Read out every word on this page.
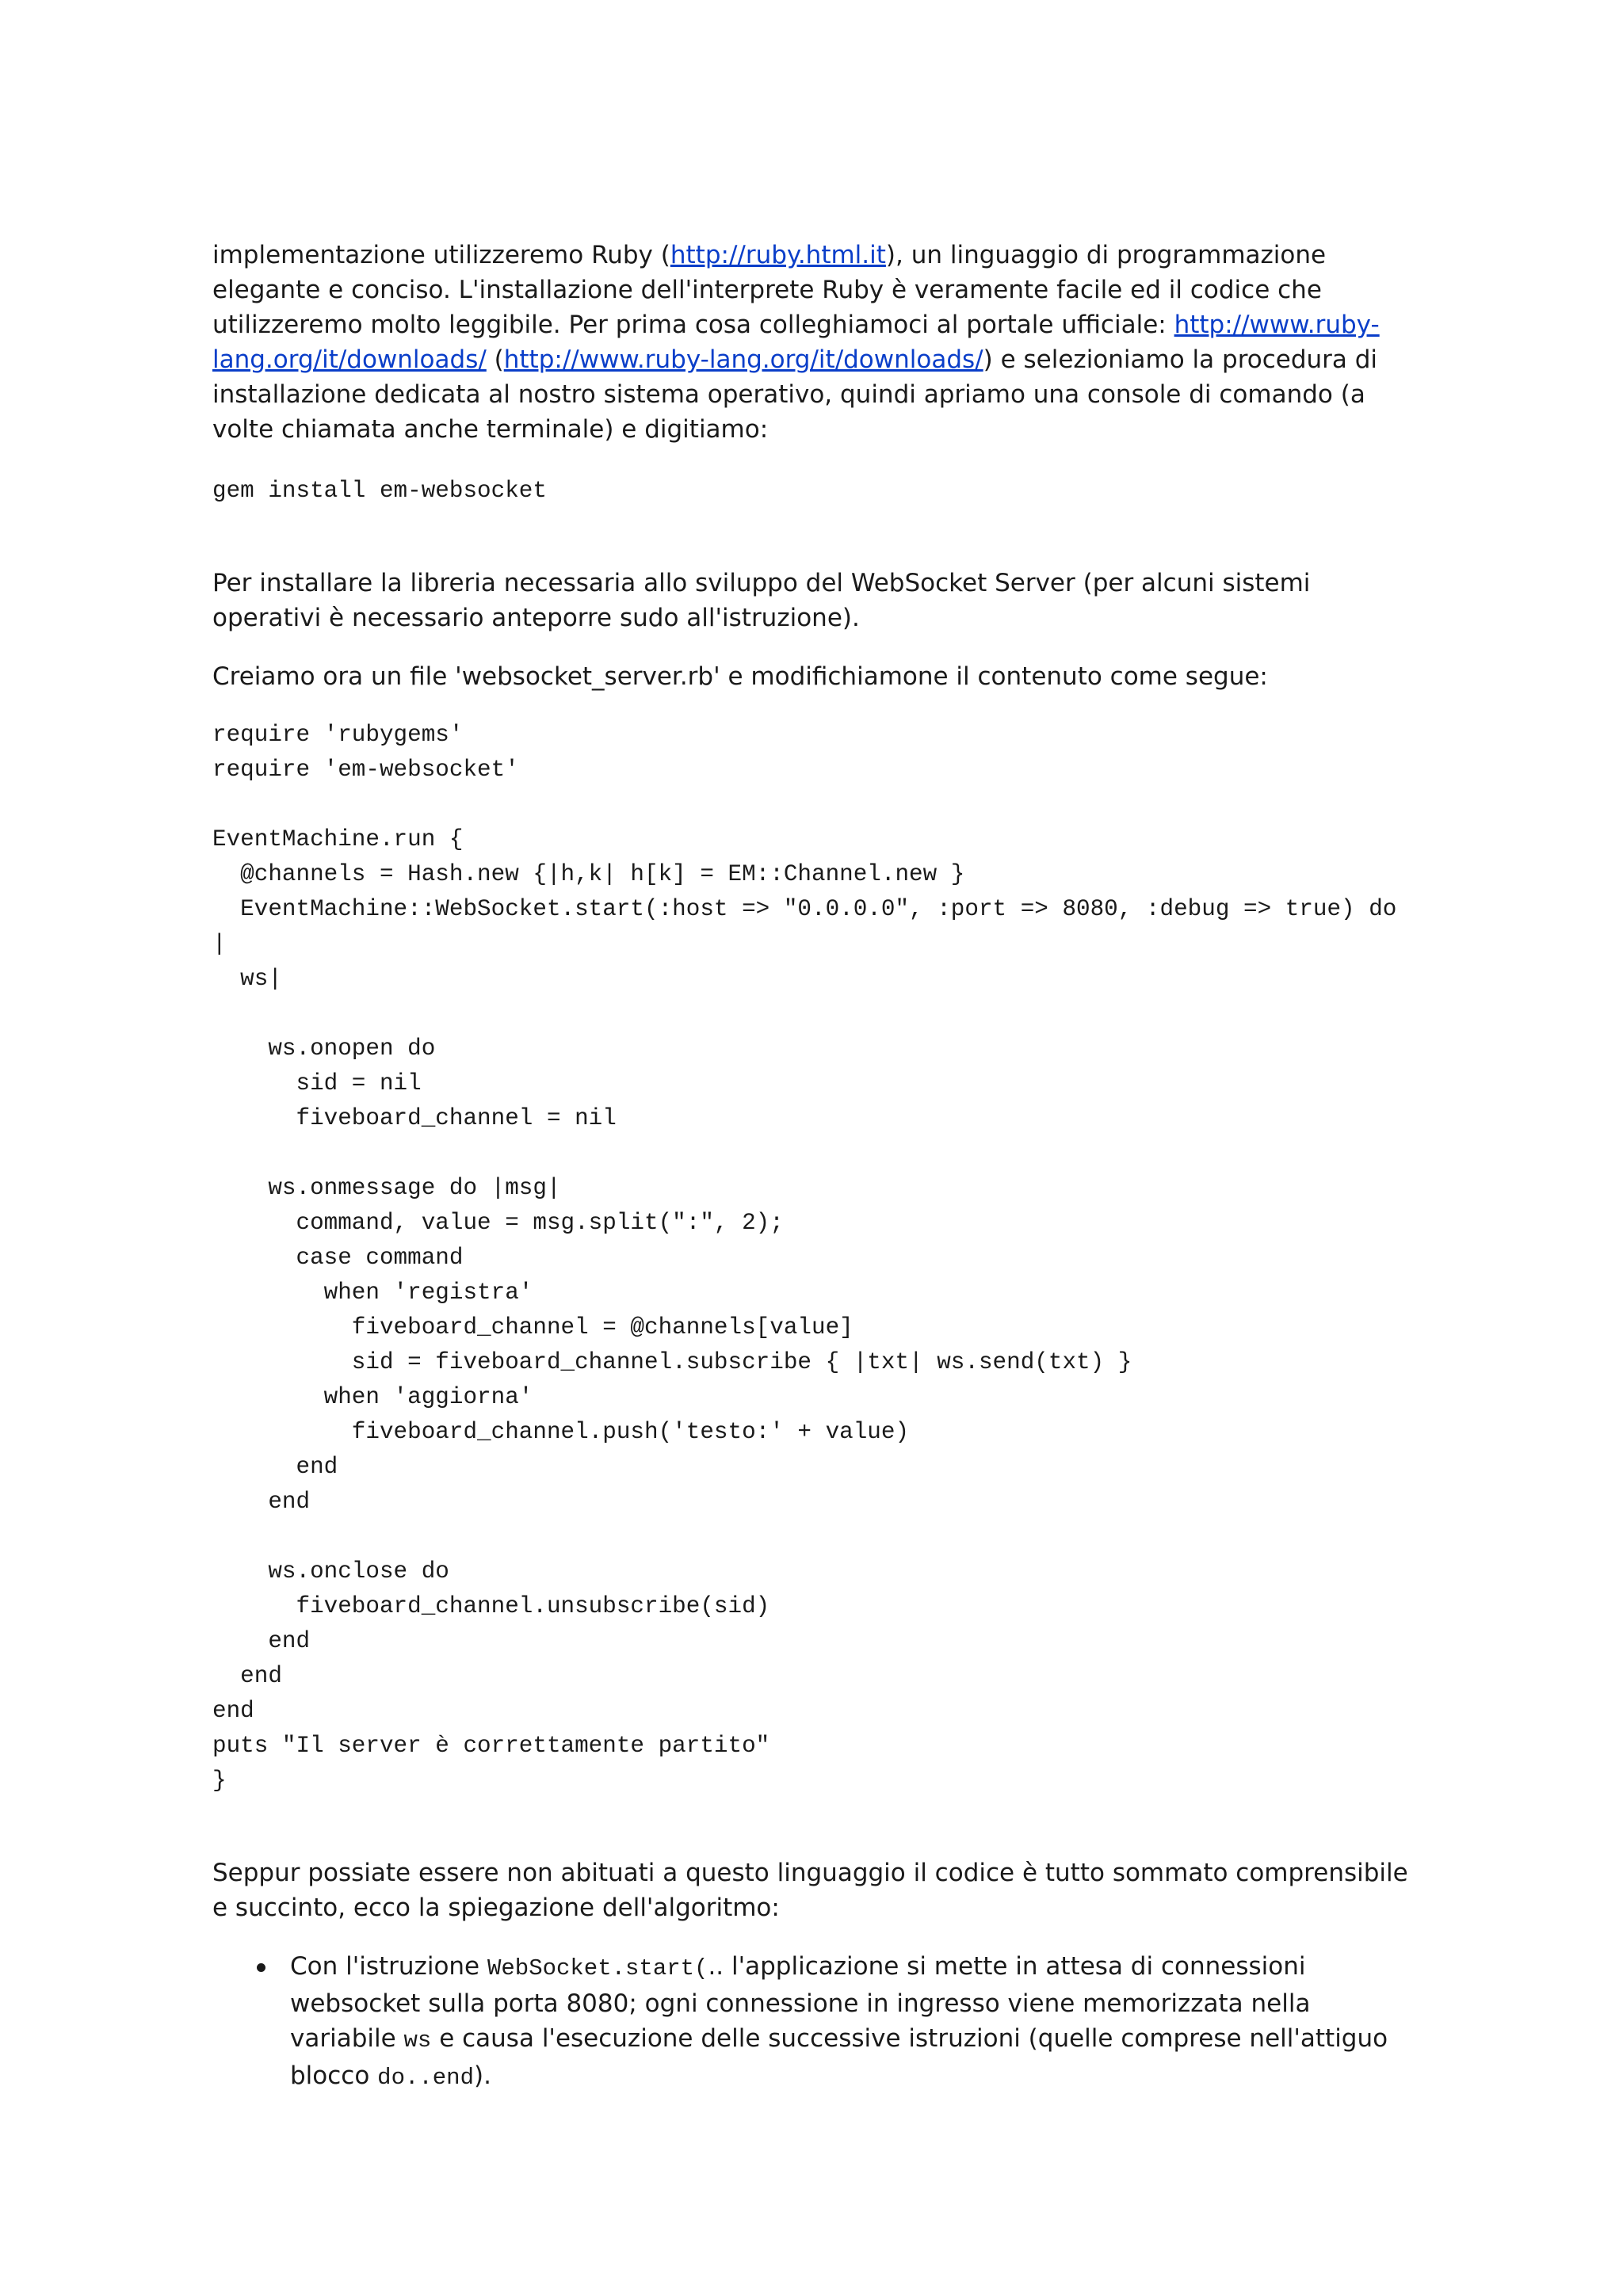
implementazione utilizzeremo Ruby (http://ruby.html.it), un linguaggio di programmazione elegante e conciso. L'installazione dell'interprete Ruby è veramente facile ed il codice che utilizzeremo molto leggibile. Per prima cosa colleghiamoci al portale ufficiale: http://www.ruby-lang.org/it/downloads/ (http://www.ruby-lang.org/it/downloads/) e selezioniamo la procedura di installazione dedicata al nostro sistema operativo, quindi apriamo una console di comando (a volte chiamata anche terminale) e digitiamo:

gem install em-websocket

Per installare la libreria necessaria allo sviluppo del WebSocket Server (per alcuni sistemi operativi è necessario anteporre sudo all'istruzione).

Creiamo ora un file 'websocket_server.rb' e modifichiamone il contenuto come segue:

require 'rubygems'
require 'em-websocket'

EventMachine.run {
@channels = Hash.new {|h,k| h[k] = EM::Channel.new }
EventMachine::WebSocket.start(:host => "0.0.0.0", :port => 8080, :debug => true) do
|
ws|

ws.onopen do
sid = nil
fiveboard_channel = nil

ws.onmessage do |msg|
command, value = msg.split(":", 2);
case command
when 'registra'
fiveboard_channel = @channels[value]
sid = fiveboard_channel.subscribe { |txt| ws.send(txt) }
when 'aggiorna'
fiveboard_channel.push('testo:' + value)
end
end

ws.onclose do
fiveboard_channel.unsubscribe(sid)
end
end
end
puts "Il server è correttamente partito"
}

Seppur possiate essere non abituati a questo linguaggio il codice è tutto sommato comprensibile e succinto, ecco la spiegazione dell'algoritmo:

Con l'istruzione WebSocket.start(.. l'applicazione si mette in attesa di connessioni websocket sulla porta 8080; ogni connessione in ingresso viene memorizzata nella variabile ws e causa l'esecuzione delle successive istruzioni (quelle comprese nell'attiguo blocco do..end).
